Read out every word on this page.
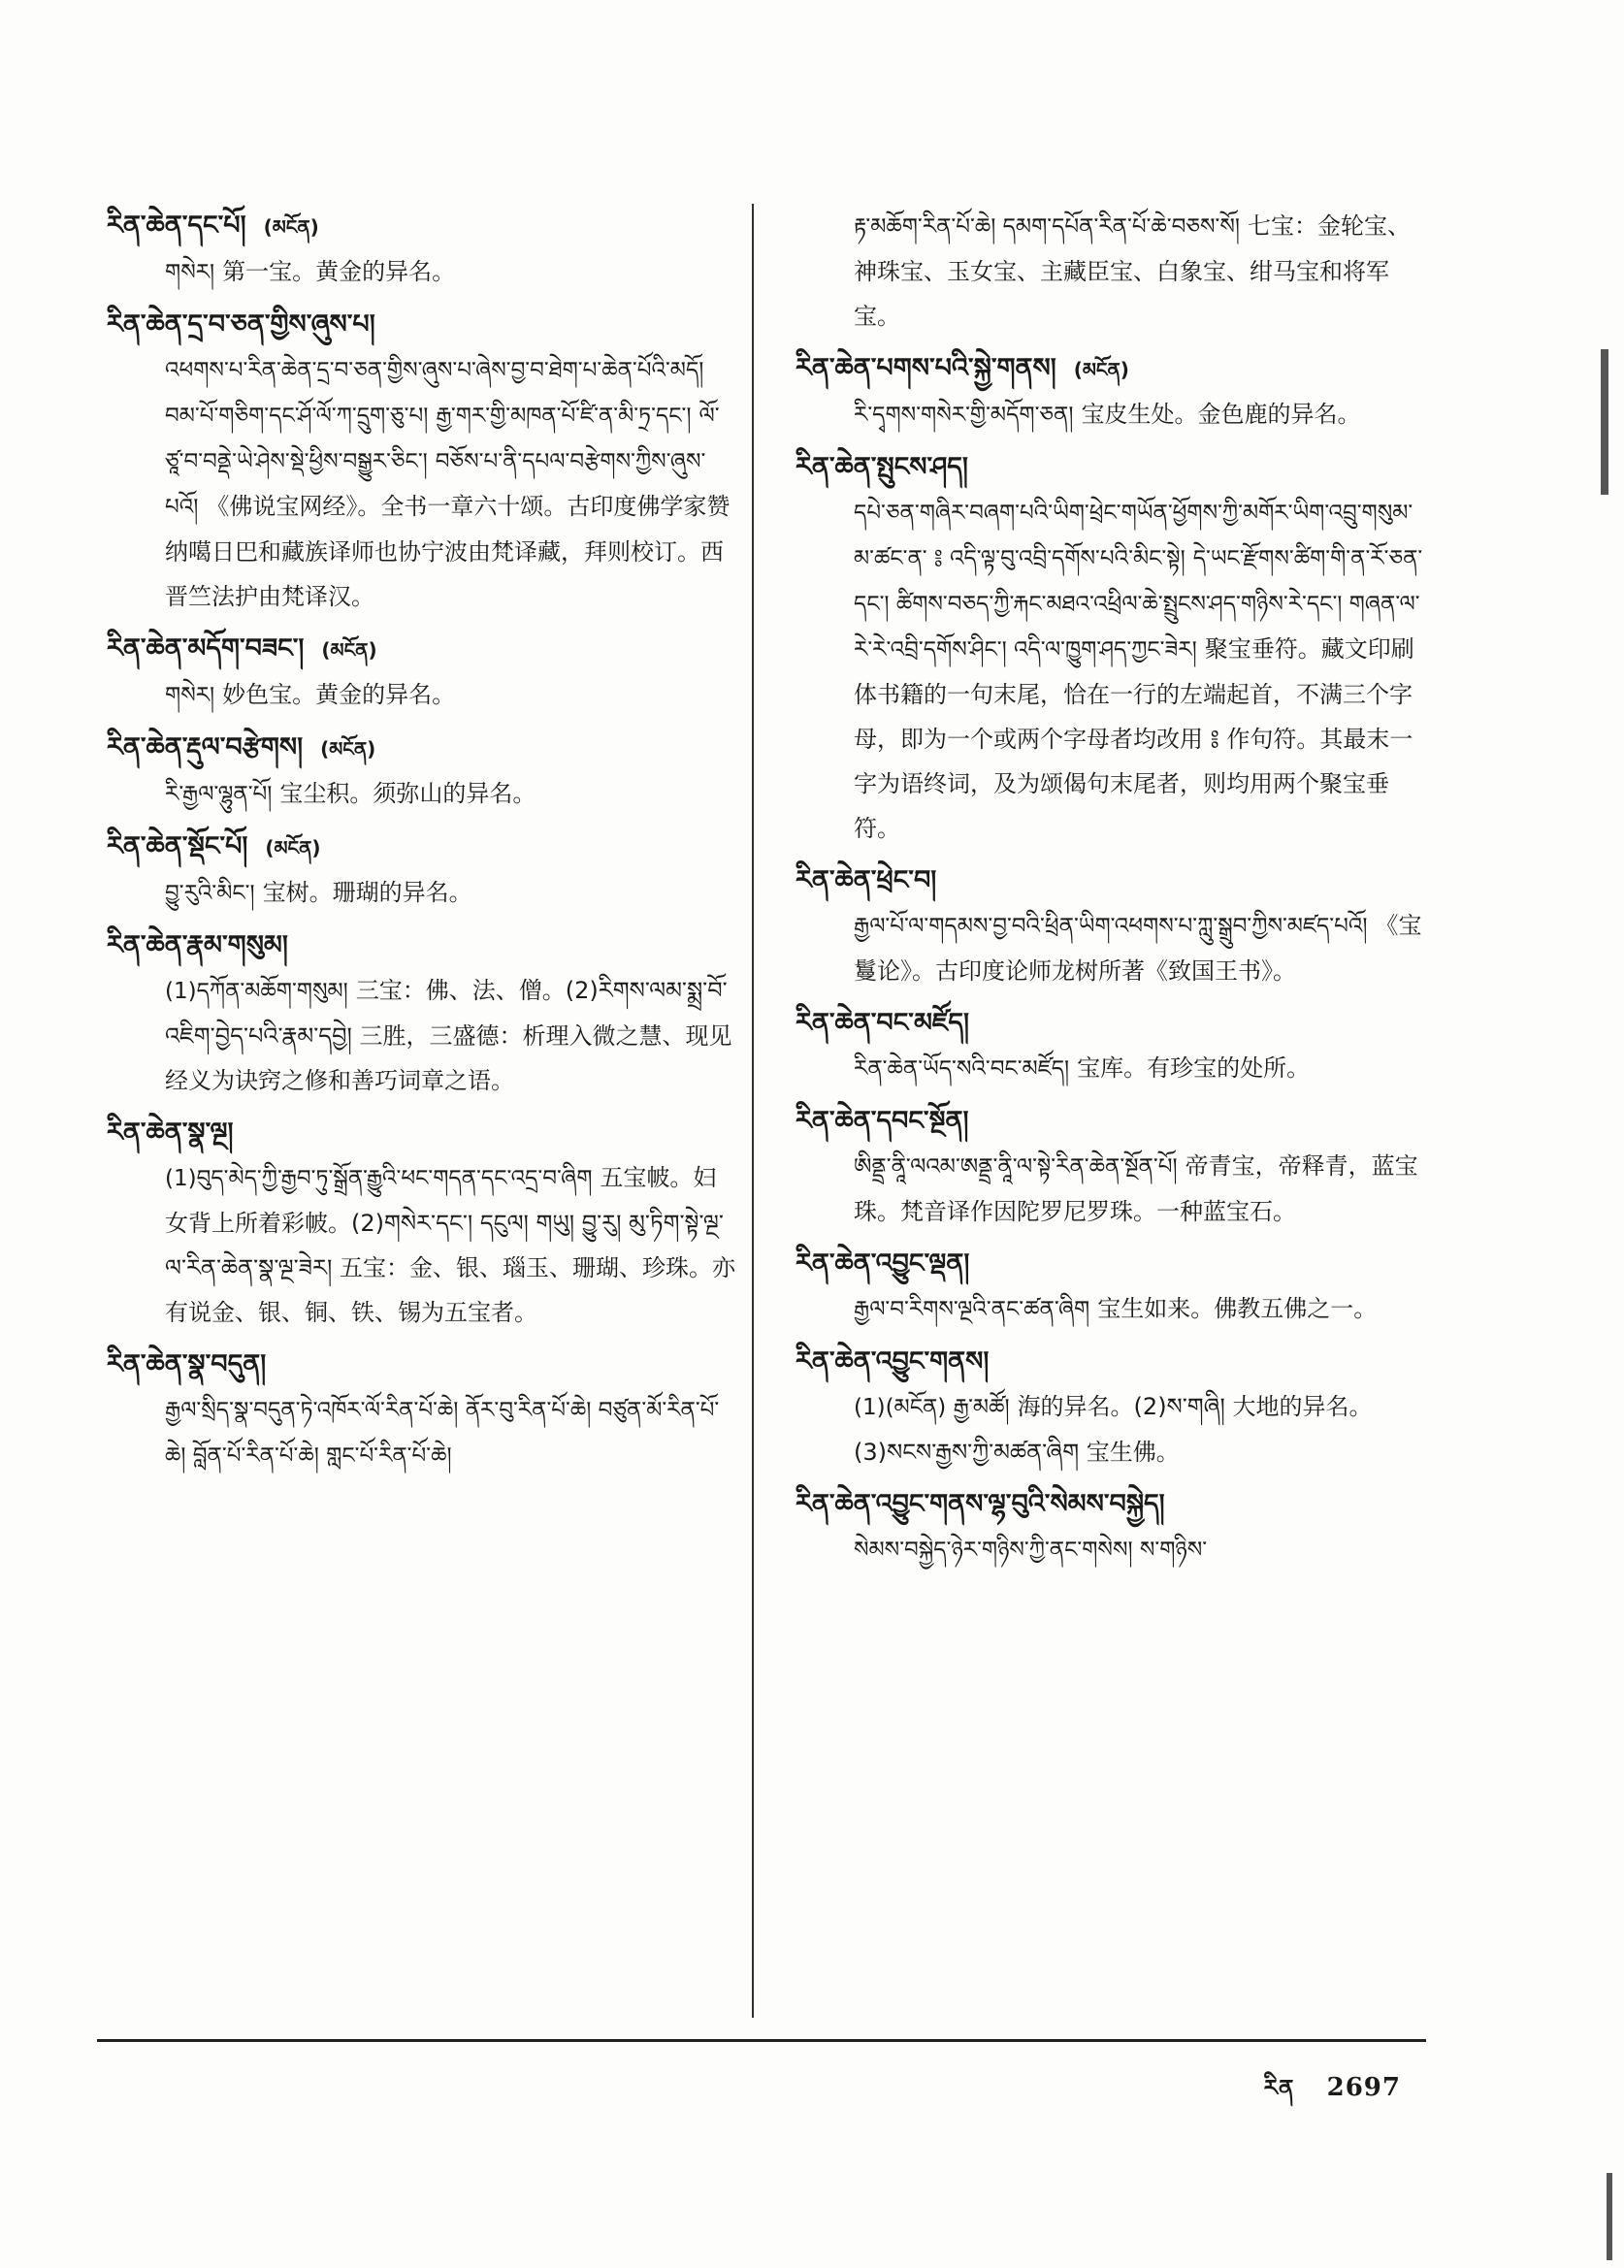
རིན་ཆེན་དང་པོ། (མངོན)
གསེར། 第一宝。黄金的异名。
རིན་ཆེན་དྲ་བ་ཅན་གྱིས་ཞུས་པ།
འཕགས་པ་རིན་ཆེན་དྲ་བ་ཅན་གྱིས་ཞུས་པ་ཞེས་བྱ་བ་ཐེག་པ་ཆེན་པོའི་མདོ།བམ་པོ་གཅིག་དང་ཤོ་ལོ་ཀ་དྲུག་ཅུ་པ། རྒྱ་གར་གྱི་མཁན་པོ་ཛི་ན་མི་ཏྲ་དང་། ལོ་ཙཱ་བ་བནྡེ་ཡེ་ཤེས་སྡེ་ཕྱིས་བསྒྱུར་ཅིང་། བཅོས་པ་ནི་དཔལ་བརྩེགས་ཀྱིས་ཞུས་པའོ། 《佛说宝网经》。全书一章六十颂。古印度佛学家赞纳噶日巴和藏族译师也协宁波由梵译藏，拜则校订。西晋竺法护由梵译汉。
རིན་ཆེན་མདོག་བཟང་། (མངོན)
གསེར། 妙色宝。黄金的异名。
རིན་ཆེན་རྡུལ་བརྩེགས། (མངོན)
རི་རྒྱལ་ལྷུན་པོ། 宝尘积。须弥山的异名。
རིན་ཆེན་སྡོང་པོ། (མངོན)
བྱུ་རུའི་མིང་། 宝树。珊瑚的异名。
རིན་ཆེན་རྣམ་གསུམ།
(1)དཀོན་མཆོག་གསུམ། 三宝：佛、法、僧。(2)རིགས་ལམ་སྨྲ་བོ་འཇིག་བྱེད་པའི་རྣམ་དབྱེ། 三胜，三盛德：析理入微之慧、现见经义为诀窍之修和善巧词章之语。
རིན་ཆེན་སྣ་ལྔ།
(1)བུད་མེད་ཀྱི་རྒྱབ་ཏུ་སྒྲོན་རྒྱུའི་ཕང་གདན་དང་འདྲ་བ་ཞིག 五宝帔。妇女背上所着彩帔。(2)གསེར་དང་། དངུལ། གཡུ། བྱུ་རུ། མུ་ཏིག་སྟེ་ལྔ་ལ་རིན་ཆེན་སྣ་ལྔ་ཟེར། 五宝：金、银、瑙玉、珊瑚、珍珠。亦有说金、银、铜、铁、锡为五宝者。
རིན་ཆེན་སྣ་བདུན།
རྒྱལ་སྲིད་སྣ་བདུན་ཏེ་འཁོར་ལོ་རིན་པོ་ཆེ། ནོར་བུ་རིན་པོ་ཆེ། བཙུན་མོ་རིན་པོ་ཆེ། བློན་པོ་རིན་པོ་ཆེ། གླང་པོ་རིན་པོ་ཆེ།
རྟ་མཆོག་རིན་པོ་ཆེ། དམག་དཔོན་རིན་པོ་ཆེ་བཅས་སོ། 七宝：金轮宝、神珠宝、玉女宝、主藏臣宝、白象宝、绀马宝和将军宝。
རིན་ཆེན་པགས་པའི་སྐྱེ་གནས། (མངོན)
རི་དྭགས་གསེར་གྱི་མདོག་ཅན། 宝皮生处。金色鹿的异名。
རིན་ཆེན་སྤུངས་ཤད།
དཔེ་ཅན་གཞིར་བཞག་པའི་ཡིག་ཕྲེང་གཡོན་ཕྱོགས་ཀྱི་མགོར་ཡིག་འབྲུ་གསུམ་མ་ཚང་ན་ ༔ འདི་ལྟ་བུ་འབྲི་དགོས་པའི་མིང་སྟེ། དེ་ཡང་རྫོགས་ཚིག་གི་ན་རོ་ཅན་དང་། ཚིགས་བཅད་ཀྱི་རྐང་མཐའ་འཕྲིལ་ཆེ་སྤྲུངས་ཤད་གཉིས་རེ་དང་། གཞན་ལ་རེ་རེ་འབྲི་དགོས་ཤིང་། འདི་ལ་ཁྱུག་ཤད་ཀྱང་ཟེར། 聚宝垂符。藏文印刷体书籍的一句末尾，恰在一行的左端起首，不满三个字母，即为一个或两个字母者均改用 ༔ 作句符。其最末一字为语终词，及为颂偈句末尾者，则均用两个聚宝垂符。
རིན་ཆེན་ཕྲེང་བ།
རྒྱལ་པོ་ལ་གདམས་བྱ་བའི་ཕྲིན་ཡིག་འཕགས་པ་ཀླུ་སྒྲུབ་ཀྱིས་མཛད་པའོ། 《宝鬘论》。古印度论师龙树所著《致国王书》。
རིན་ཆེན་བང་མཛོད།
རིན་ཆེན་ཡོད་སའི་བང་མཛོད། 宝库。有珍宝的处所。
རིན་ཆེན་དབང་སྔོན།
ཨིནྡྲ་ནཱི་ལའམ་ཨནྡྲ་ནཱི་ལ་སྟེ་རིན་ཆེན་སྔོན་པོ། 帝青宝，帝释青，蓝宝珠。梵音译作因陀罗尼罗珠。一种蓝宝石。
རིན་ཆེན་འབྱུང་ལྡན།
རྒྱལ་བ་རིགས་ལྔའི་ནང་ཚན་ཞིག 宝生如来。佛教五佛之一。
རིན་ཆེན་འབྱུང་གནས།
(1)(མངོན) རྒྱ་མཚོ། 海的异名。(2)ས་གཞི། 大地的异名。(3)སངས་རྒྱས་ཀྱི་མཚན་ཞིག 宝生佛。
རིན་ཆེན་འབྱུང་གནས་ལྷ་བུའི་སེམས་བསྐྱེད།
སེམས་བསྐྱེད་ཉེར་གཉིས་ཀྱི་ནང་གསེས། ས་གཉིས་
རིན 2697
